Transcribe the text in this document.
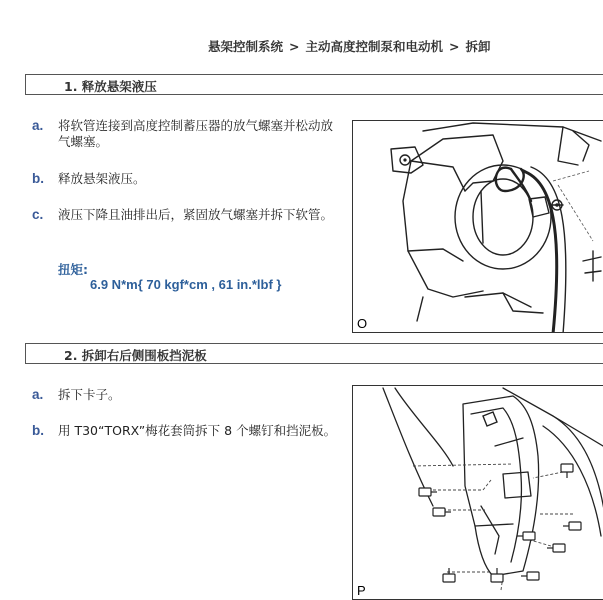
悬架控制系统 > 主动高度控制泵和电动机 > 拆卸
1. 释放悬架液压
a.	将软管连接到高度控制蓄压器的放气螺塞并松动放气螺塞。
b.	释放悬架液压。
c.	液压下降且油排出后，紧固放气螺塞并拆下软管。
扭矩:
6.9 N*m{ 70 kgf*cm , 61 in.*lbf }
O
2. 拆卸右后侧围板挡泥板
a.	拆下卡子。
b.	用 T30“TORX”梅花套筒拆下 8 个螺钉和挡泥板。
P
